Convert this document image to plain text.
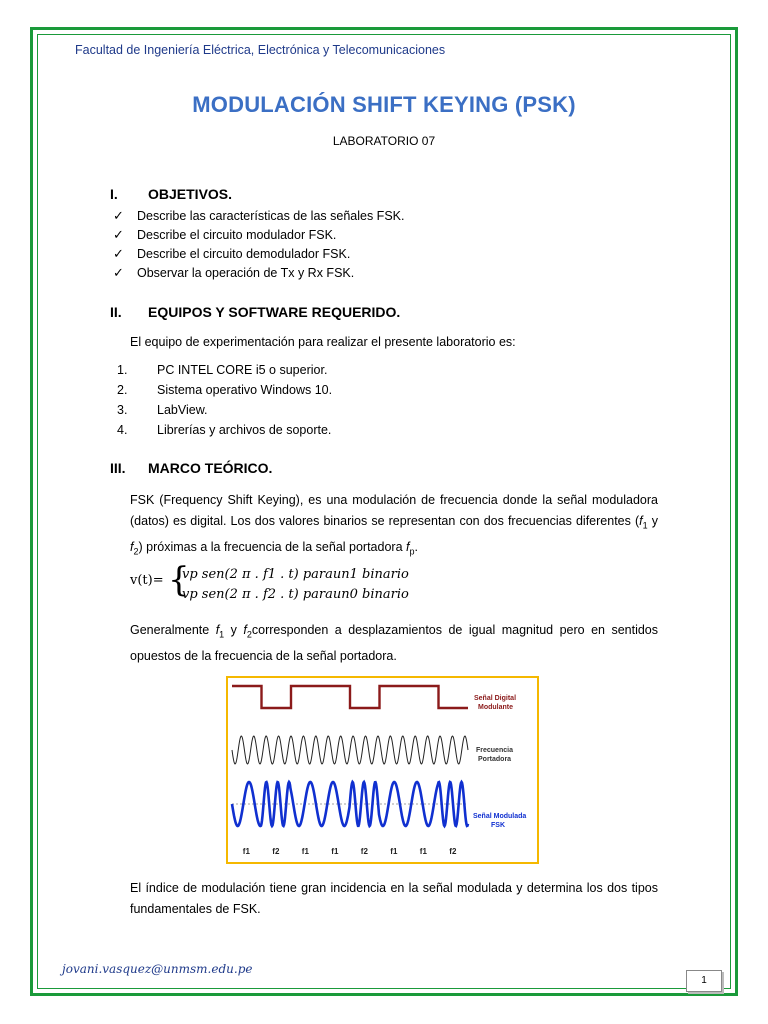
Facultad de Ingeniería Eléctrica, Electrónica y Telecomunicaciones
MODULACIÓN SHIFT KEYING (PSK)
LABORATORIO 07
I. OBJETIVOS.
✓ Describe las características de las señales FSK.
✓ Describe el circuito modulador FSK.
✓ Describe el circuito demodulador FSK.
✓ Observar la operación de Tx y Rx FSK.
II. EQUIPOS Y SOFTWARE REQUERIDO.
El equipo de experimentación para realizar el presente laboratorio es:
1. PC INTEL CORE i5 o superior.
2. Sistema operativo Windows 10.
3. LabView.
4. Librerías y archivos de soporte.
III. MARCO TEÓRICO.
FSK (Frequency Shift Keying), es una modulación de frecuencia donde la señal moduladora (datos) es digital. Los dos valores binarios se representan con dos frecuencias diferentes ($f_1$ y $f_2$) próximas a la frecuencia de la señal portadora $f_p$.
v(t)= {
vp sen(2 π . f1 . t) paraun1 binario
vp sen(2 π . f2 . t) paraun0 binario
Generalmente $f_1$ y $f_2corresponden$ a desplazamientos de igual magnitud pero en sentidos opuestos de la frecuencia de la señal portadora.
f1	f2	f1	f1	f2	f1	f1	f2
Señal Digital
Modulante
Frecuencia
Portadora
Señal Modulada
FSK
El índice de modulación tiene gran incidencia en la señal modulada y determina los dos tipos fundamentales de FSK.
jovani.vasquez@unmsm.edu.pe
1
